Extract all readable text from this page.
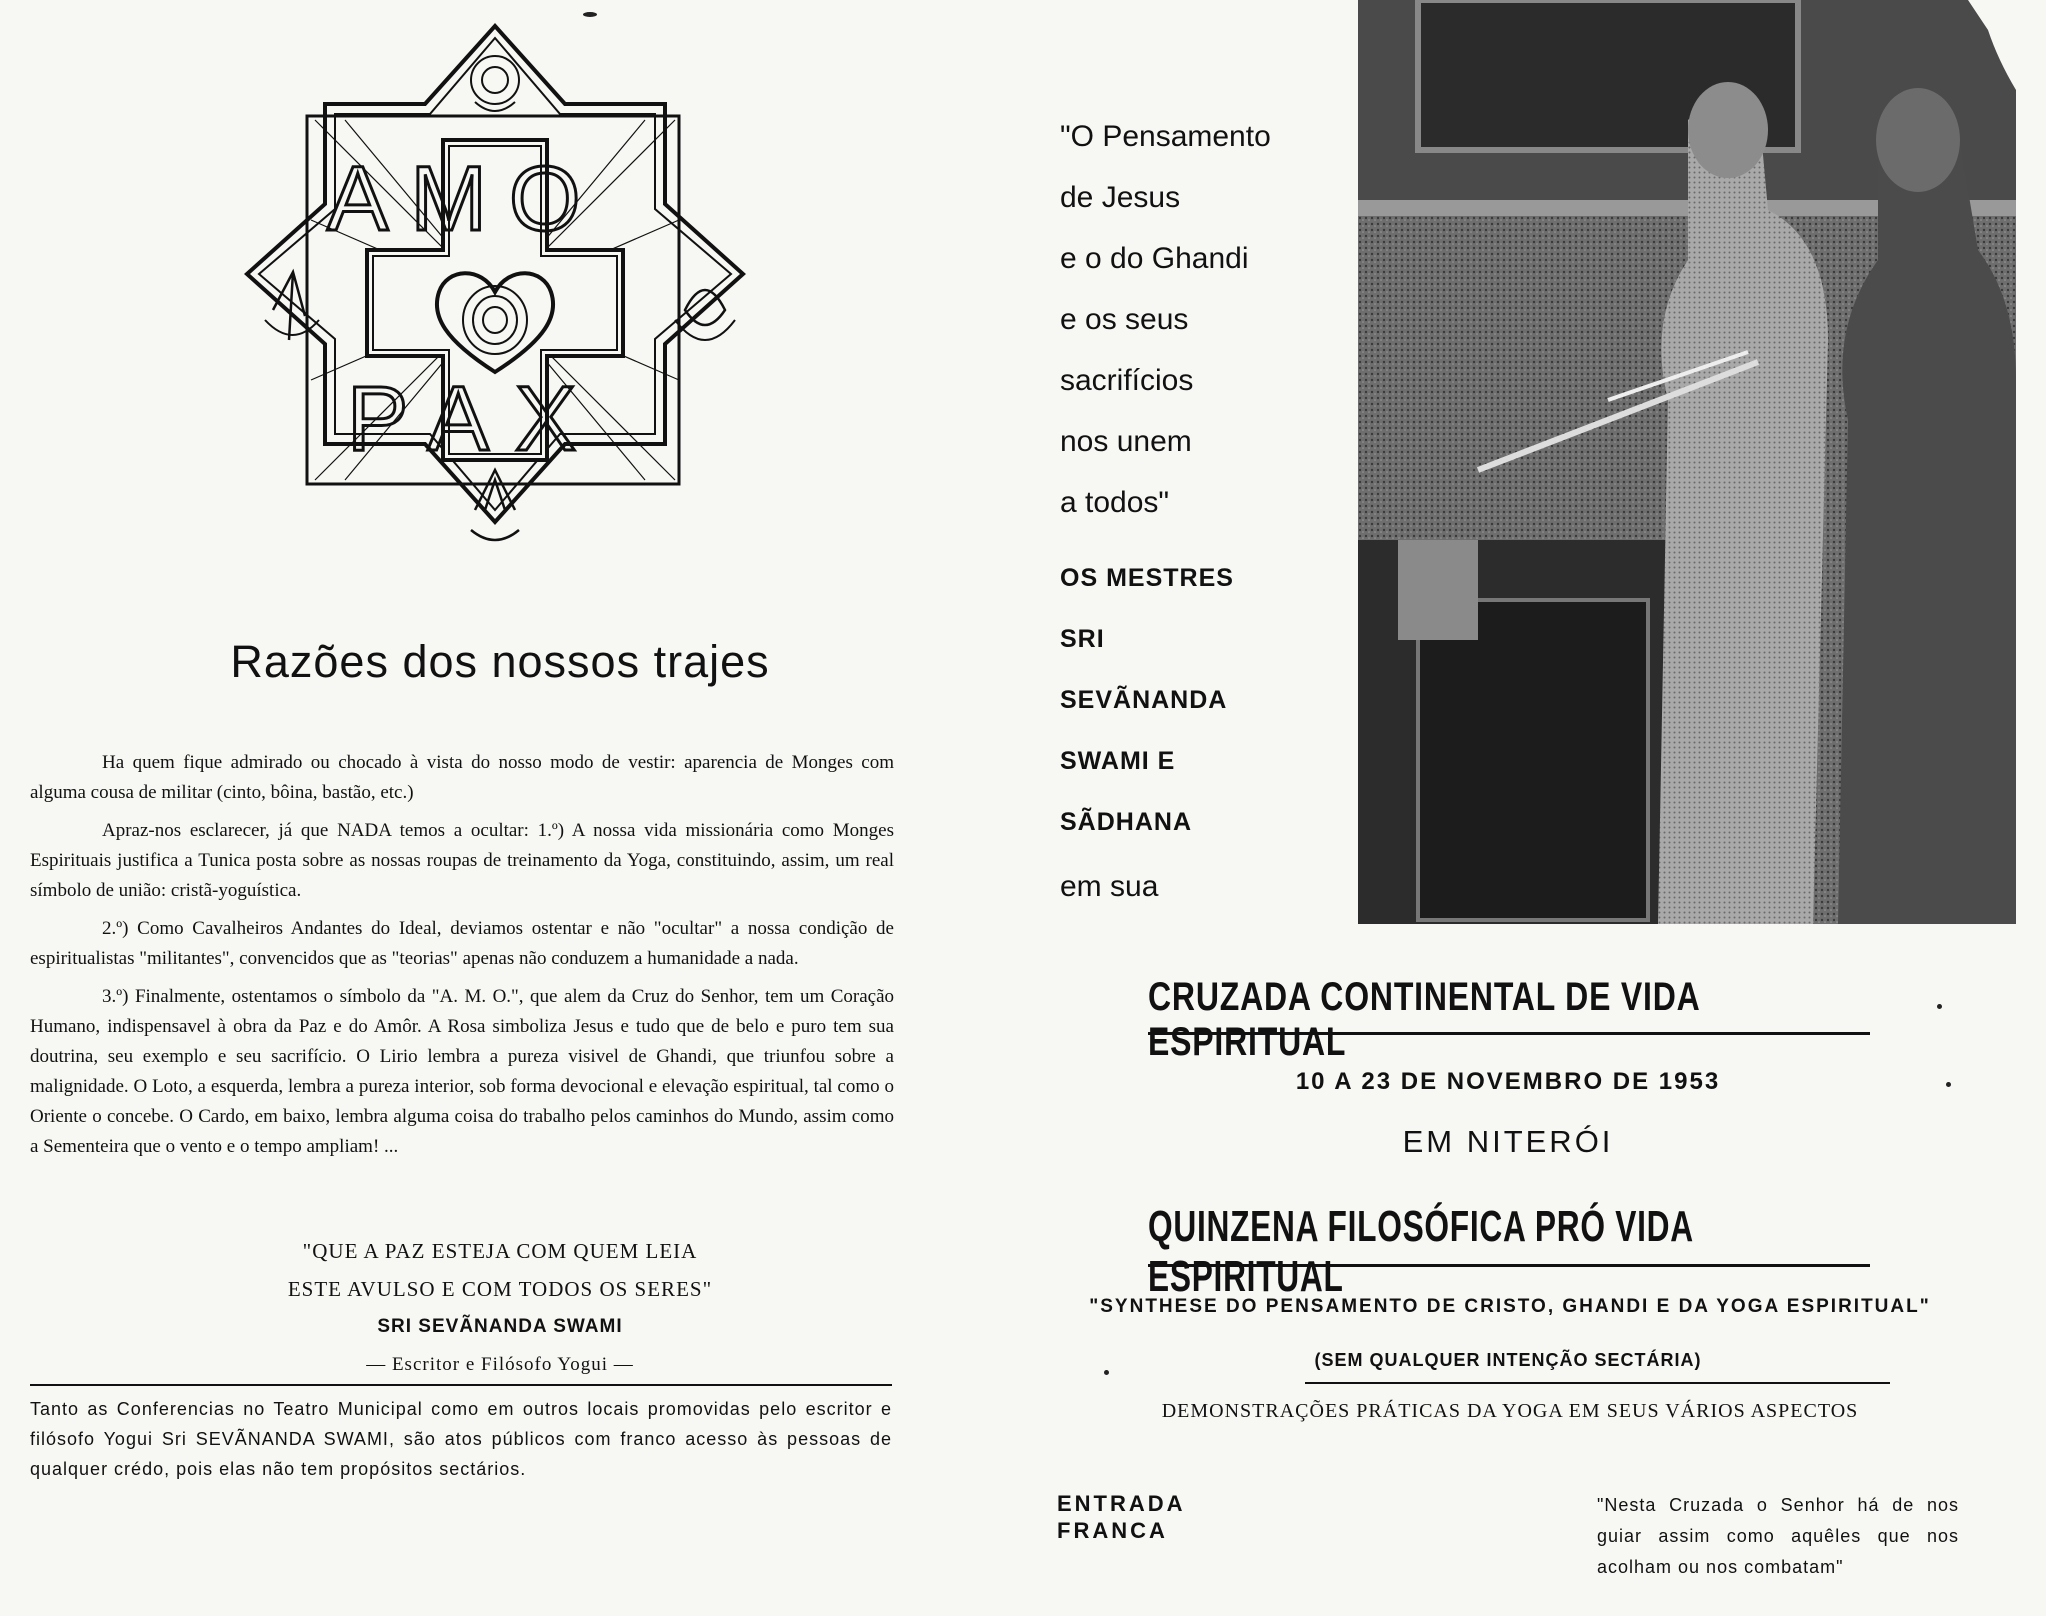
AMO
PAX
Razões dos nossos trajes

Ha quem fique admirado ou chocado à vista do nosso modo de vestir: aparencia de Monges com alguma cousa de militar (cinto, bôina, bastão, etc.)

Apraz-nos esclarecer, já que NADA temos a ocultar: 1.º) A nossa vida missionária como Monges Espirituais justifica a Tunica posta sobre as nossas roupas de treinamento da Yoga, constituindo, assim, um real símbolo de união: cristã-yoguística.

2.º) Como Cavalheiros Andantes do Ideal, deviamos ostentar e não "ocultar" a nossa condição de espiritualistas "militantes", convencidos que as "teorias" apenas não conduzem a humanidade a nada.

3.º) Finalmente, ostentamos o símbolo da "A. M. O.", que alem da Cruz do Senhor, tem um Coração Humano, indispensavel à obra da Paz e do Amôr. A Rosa simboliza Jesus e tudo que de belo e puro tem sua doutrina, seu exemplo e seu sacrifício. O Lirio lembra a pureza visivel de Ghandi, que triunfou sobre a malignidade. O Loto, a esquerda, lembra a pureza interior, sob forma devocional e elevação espiritual, tal como o Oriente o concebe. O Cardo, em baixo, lembra alguma coisa do trabalho pelos caminhos do Mundo, assim como a Sementeira que o vento e o tempo ampliam! ...

"QUE A PAZ ESTEJA COM QUEM LEIA
ESTE AVULSO E COM TODOS OS SERES"
SRI SEVÃNANDA SWAMI
— Escritor e Filósofo Yogui —
Tanto as Conferencias no Teatro Municipal como em outros locais promovidas pelo escritor e filósofo Yogui Sri SEVÃNANDA SWAMI, são atos públicos com franco acesso às pessoas de qualquer crédo, pois elas não tem propósitos sectários.
"O Pensamento
de Jesus
e o do Ghandi
e os seus
sacrifícios
nos unem
a todos"
OS MESTRES
SRI
SEVÃNANDA
SWAMI E
SÃDHANA
em sua
CRUZADA CONTINENTAL DE VIDA ESPIRITUAL
10 A 23 DE NOVEMBRO DE 1953
EM NITERÓI
QUINZENA FILOSÓFICA PRÓ VIDA ESPIRITUAL
"SYNTHESE DO PENSAMENTO DE CRISTO, GHANDI E DA YOGA ESPIRITUAL"
(SEM QUALQUER INTENÇÃO SECTÁRIA)
DEMONSTRAÇÕES PRÁTICAS DA YOGA EM SEUS VÁRIOS ASPECTOS
ENTRADA
FRANCA
"Nesta Cruzada o Senhor há de nos guiar assim como aquêles que nos acolham ou nos combatam"
